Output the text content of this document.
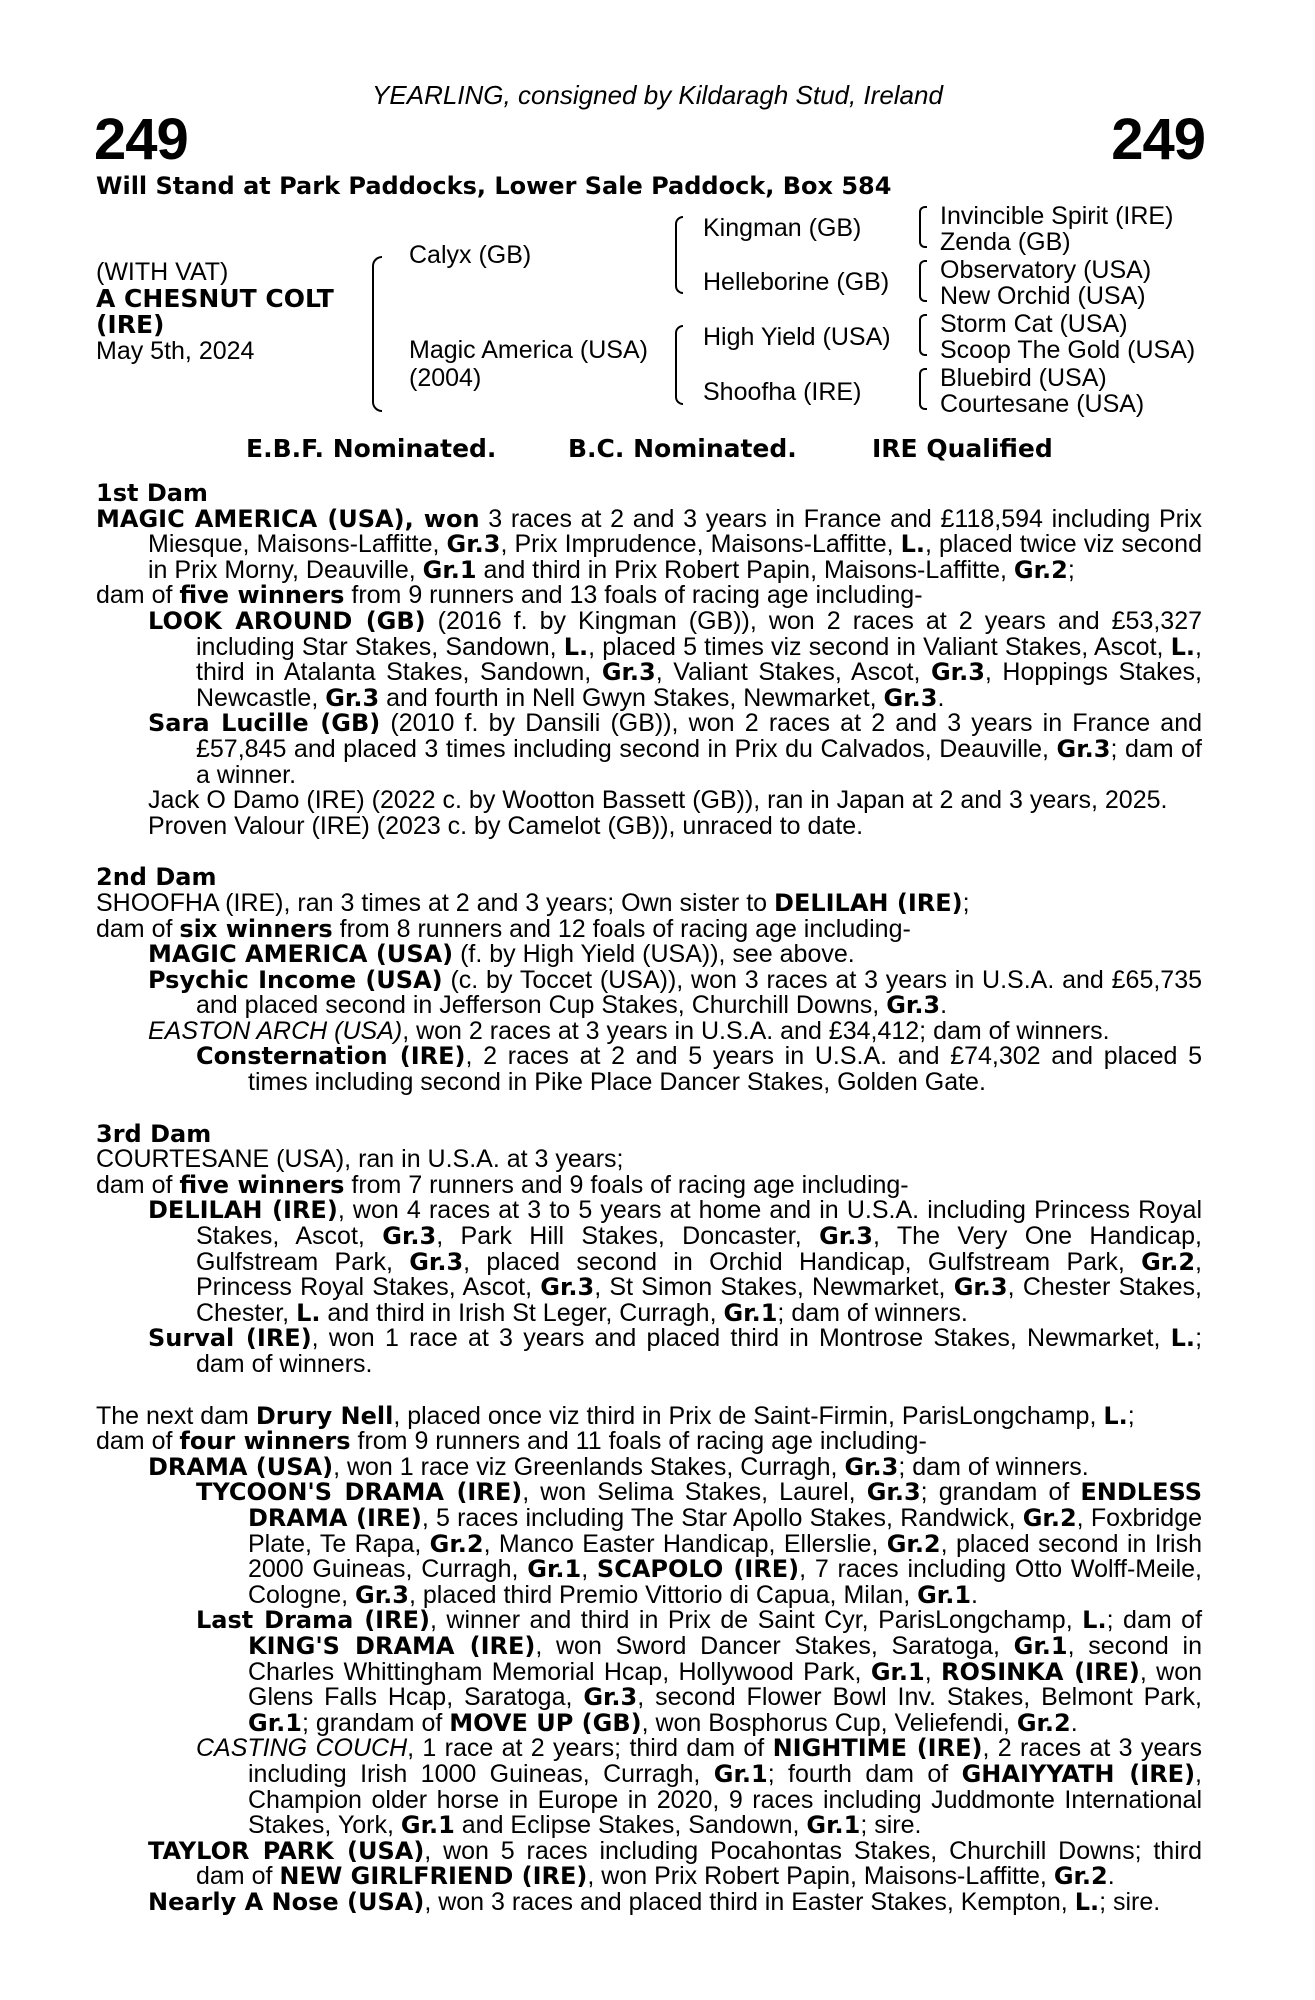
YEARLING, consigned by Kildaragh Stud, Ireland
249	249
Will Stand at Park Paddocks, Lower Sale Paddock, Box 584
(WITH VAT)
A CHESNUT COLT
(IRE)
May 5th, 2024
Calyx (GB)
Magic America (USA)
(2004)
Kingman (GB)
Helleborine (GB)
High Yield (USA)
Shoofha (IRE)
Invincible Spirit (IRE)
Zenda (GB)
Observatory (USA)
New Orchid (USA)
Storm Cat (USA)
Scoop The Gold (USA)
Bluebird (USA)
Courtesane (USA)
E.B.F. Nominated.	B.C. Nominated.	IRE Qualified

1st Dam

MAGIC AMERICA (USA), won 3 races at 2 and 3 years in France and £118,594 including Prix Miesque, Maisons-Laffitte, Gr.3, Prix Imprudence, Maisons-Laffitte, L., placed twice viz second in Prix Morny, Deauville, Gr.1 and third in Prix Robert Papin, Maisons-Laffitte, Gr.2;

dam of five winners from 9 runners and 13 foals of racing age including-

LOOK AROUND (GB) (2016 f. by Kingman (GB)), won 2 races at 2 years and £53,327 including Star Stakes, Sandown, L., placed 5 times viz second in Valiant Stakes, Ascot, L., third in Atalanta Stakes, Sandown, Gr.3, Valiant Stakes, Ascot, Gr.3, Hoppings Stakes, Newcastle, Gr.3 and fourth in Nell Gwyn Stakes, Newmarket, Gr.3.

Sara Lucille (GB) (2010 f. by Dansili (GB)), won 2 races at 2 and 3 years in France and £57,845 and placed 3 times including second in Prix du Calvados, Deauville, Gr.3; dam of a winner.

Jack O Damo (IRE) (2022 c. by Wootton Bassett (GB)), ran in Japan at 2 and 3 years, 2025.

Proven Valour (IRE) (2023 c. by Camelot (GB)), unraced to date.

2nd Dam

SHOOFHA (IRE), ran 3 times at 2 and 3 years; Own sister to DELILAH (IRE);

dam of six winners from 8 runners and 12 foals of racing age including-

MAGIC AMERICA (USA) (f. by High Yield (USA)), see above.

Psychic Income (USA) (c. by Toccet (USA)), won 3 races at 3 years in U.S.A. and £65,735 and placed second in Jefferson Cup Stakes, Churchill Downs, Gr.3.

EASTON ARCH (USA), won 2 races at 3 years in U.S.A. and £34,412; dam of winners.

Consternation (IRE), 2 races at 2 and 5 years in U.S.A. and £74,302 and placed 5 times including second in Pike Place Dancer Stakes, Golden Gate.

3rd Dam

COURTESANE (USA), ran in U.S.A. at 3 years;

dam of five winners from 7 runners and 9 foals of racing age including-

DELILAH (IRE), won 4 races at 3 to 5 years at home and in U.S.A. including Princess Royal Stakes, Ascot, Gr.3, Park Hill Stakes, Doncaster, Gr.3, The Very One Handicap, Gulfstream Park, Gr.3, placed second in Orchid Handicap, Gulfstream Park, Gr.2, Princess Royal Stakes, Ascot, Gr.3, St Simon Stakes, Newmarket, Gr.3, Chester Stakes, Chester, L. and third in Irish St Leger, Curragh, Gr.1; dam of winners.

Surval (IRE), won 1 race at 3 years and placed third in Montrose Stakes, Newmarket, L.; dam of winners.

The next dam Drury Nell, placed once viz third in Prix de Saint-Firmin, ParisLongchamp, L.;

dam of four winners from 9 runners and 11 foals of racing age including-

DRAMA (USA), won 1 race viz Greenlands Stakes, Curragh, Gr.3; dam of winners.

TYCOON'S DRAMA (IRE), won Selima Stakes, Laurel, Gr.3; grandam of ENDLESS DRAMA (IRE), 5 races including The Star Apollo Stakes, Randwick, Gr.2, Foxbridge Plate, Te Rapa, Gr.2, Manco Easter Handicap, Ellerslie, Gr.2, placed second in Irish 2000 Guineas, Curragh, Gr.1, SCAPOLO (IRE), 7 races including Otto Wolff-Meile, Cologne, Gr.3, placed third Premio Vittorio di Capua, Milan, Gr.1.

Last Drama (IRE), winner and third in Prix de Saint Cyr, ParisLongchamp, L.; dam of KING'S DRAMA (IRE), won Sword Dancer Stakes, Saratoga, Gr.1, second in Charles Whittingham Memorial Hcap, Hollywood Park, Gr.1, ROSINKA (IRE), won Glens Falls Hcap, Saratoga, Gr.3, second Flower Bowl Inv. Stakes, Belmont Park, Gr.1; grandam of MOVE UP (GB), won Bosphorus Cup, Veliefendi, Gr.2.

CASTING COUCH, 1 race at 2 years; third dam of NIGHTIME (IRE), 2 races at 3 years including Irish 1000 Guineas, Curragh, Gr.1; fourth dam of GHAIYYATH (IRE), Champion older horse in Europe in 2020, 9 races including Juddmonte International Stakes, York, Gr.1 and Eclipse Stakes, Sandown, Gr.1; sire.

TAYLOR PARK (USA), won 5 races including Pocahontas Stakes, Churchill Downs; third dam of NEW GIRLFRIEND (IRE), won Prix Robert Papin, Maisons-Laffitte, Gr.2.

Nearly A Nose (USA), won 3 races and placed third in Easter Stakes, Kempton, L.; sire.
